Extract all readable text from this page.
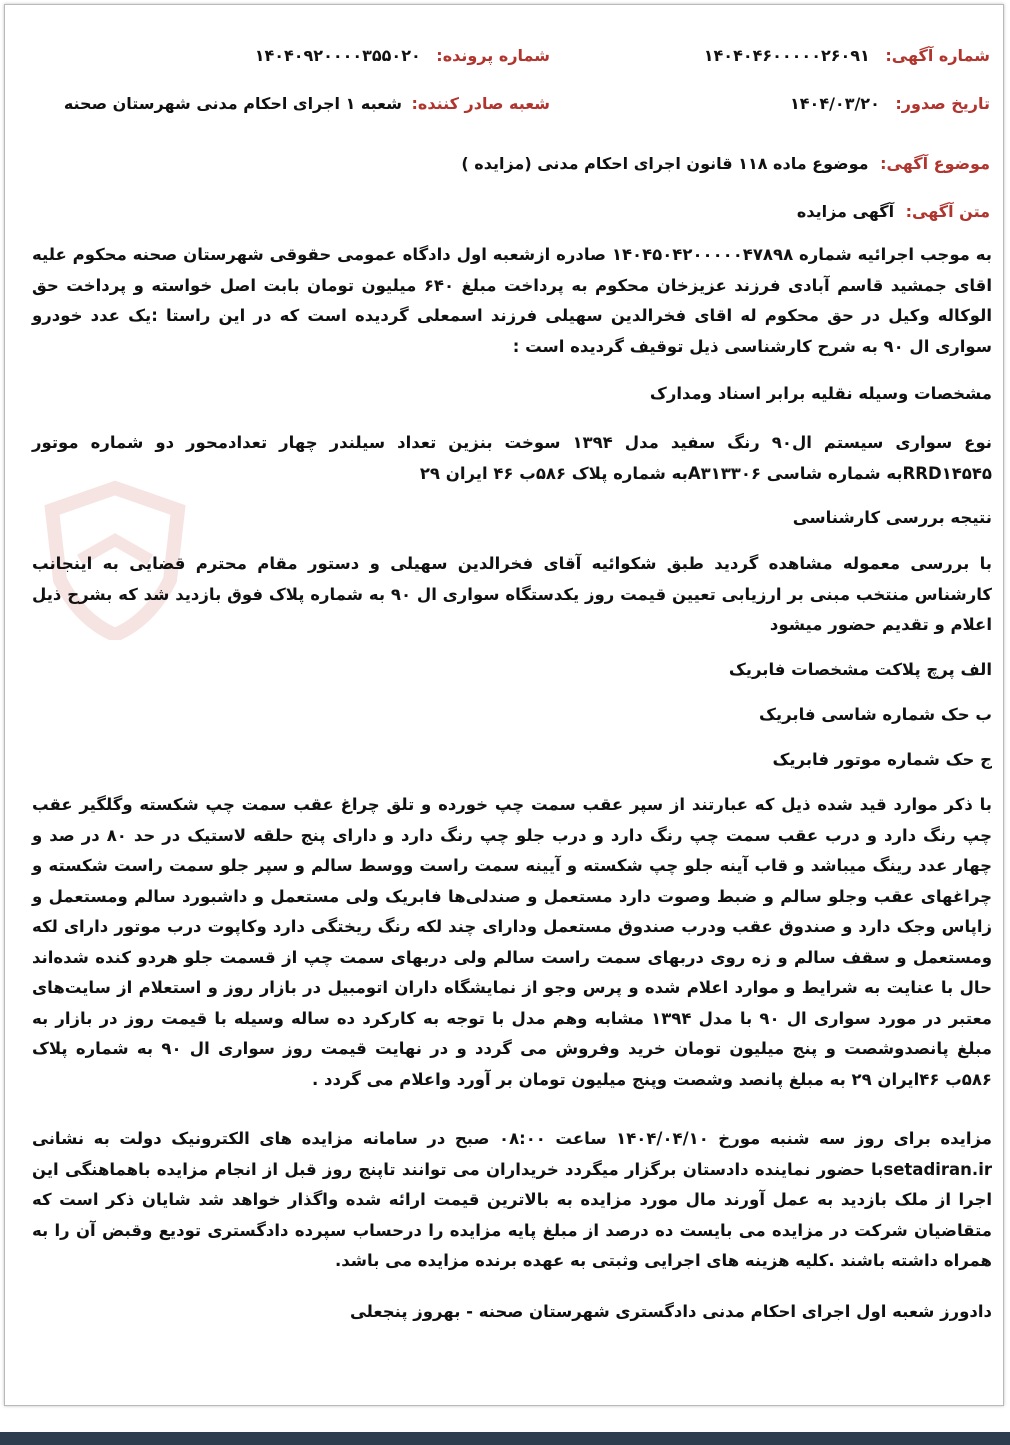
شماره آگهی: ۱۴۰۴۰۴۶۰۰۰۰۰۲۶۰۹۱
شماره پرونده: ۱۴۰۴۰۹۲۰۰۰۰۳۵۵۰۲۰
تاریخ صدور: ۱۴۰۴/۰۳/۲۰
شعبه صادر کننده: شعبه ۱ اجرای احکام مدنی شهرستان صحنه
موضوع آگهی: موضوع ماده ۱۱۸ قانون اجرای احکام مدنی (مزایده )
متن آگهی: آگهی مزایده
به موجب اجرائیه شماره ۱۴۰۴۵۰۴۲۰۰۰۰۰۴۷۸۹۸ صادره ازشعبه اول دادگاه عمومی حقوقی شهرستان صحنه محکوم علیه اقای جمشید قاسم آبادی فرزند عزیزخان محکوم به پرداخت مبلغ ۶۴۰ میلیون تومان بابت اصل خواسته و پرداخت حق الوکاله وکیل در حق محکوم له اقای فخرالدین سهیلی فرزند اسمعلی گردیده است که در این راستا :یک عدد خودرو سواری ال ۹۰ به شرح کارشناسی ذیل توقیف گردیده است :
مشخصات وسیله نقلیه برابر اسناد ومدارک
نوع سواری سیستم ال۹۰ رنگ سفید مدل ۱۳۹۴ سوخت بنزین تعداد سیلندر چهار تعدادمحور دو شماره موتور RRD۱۴۵۴۵به شماره شاسی A۳۱۳۳۰۶به شماره پلاک ۵۸۶ب ۴۶ ایران ۲۹
نتیجه بررسی کارشناسی
با بررسی معموله مشاهده گردید طبق شکوائیه آقای فخرالدین سهیلی و دستور مقام محترم قضایی به اینجانب کارشناس منتخب مبنی بر ارزیابی تعیین قیمت روز یکدستگاه سواری ال ۹۰ به شماره پلاک فوق بازدید شد که بشرح ذیل اعلام و تقدیم حضور میشود
الف پرچ پلاکت مشخصات فابریک
ب حک شماره شاسی فابریک
ج حک شماره موتور فابریک
با ذکر موارد قید شده ذیل که عبارتند از سپر عقب سمت چپ خورده و تلق چراغ عقب سمت چپ شکسته وگلگیر عقب چپ رنگ دارد و درب عقب سمت چپ رنگ دارد و درب جلو چپ رنگ دارد و دارای پنج حلقه لاستیک در حد ۸۰ در صد و چهار عدد رینگ میباشد و قاب آینه جلو چپ شکسته و آیینه سمت راست ووسط سالم و سپر جلو سمت راست شکسته و چراغهای عقب وجلو سالم و ضبط وصوت دارد مستعمل و صندلی‌ها فابریک ولی مستعمل و داشبورد سالم ومستعمل و زاپاس وجک دارد و صندوق عقب ودرب صندوق مستعمل ودارای چند لکه رنگ ریختگی دارد وکاپوت درب موتور دارای لکه ومستعمل و سقف سالم و زه روی دربهای سمت راست سالم ولی دربهای سمت چپ از قسمت جلو هردو کنده شده‌اند حال با عنایت به شرایط و موارد اعلام شده و پرس وجو از نمایشگاه داران اتومبیل در بازار روز و استعلام از سایت‌های معتبر در مورد سواری ال ۹۰ با مدل ۱۳۹۴ مشابه وهم مدل با توجه به کارکرد ده ساله وسیله با قیمت روز در بازار به مبلغ پانصدوشصت و پنج میلیون تومان خرید وفروش می گردد و در نهایت قیمت روز سواری ال ۹۰ به شماره پلاک ۵۸۶ب ۴۶ایران ۲۹ به مبلغ پانصد وشصت وپنج میلیون تومان بر آورد واعلام می گردد .
مزایده برای روز سه شنبه مورخ ۱۴۰۴/۰۴/۱۰ ساعت ۰۸:۰۰ صبح در سامانه مزایده های الکترونیک دولت به نشانی setadiran.irبا حضور نماینده دادستان برگزار میگردد خریداران می توانند تاپنج روز قبل از انجام مزایده باهماهنگی این اجرا از ملک بازدید به عمل آورند مال مورد مزایده به بالاترین قیمت ارائه شده واگذار خواهد شد شایان ذکر است که متقاضیان شرکت در مزایده می بایست ده درصد از مبلغ پایه مزایده را درحساب سپرده دادگستری تودیع وقبض آن را به همراه داشته باشند .کلیه هزینه های اجرایی وثبتی به عهده برنده مزایده می باشد.
دادورز شعبه اول اجرای احکام مدنی دادگستری شهرستان صحنه - بهروز پنجعلی
